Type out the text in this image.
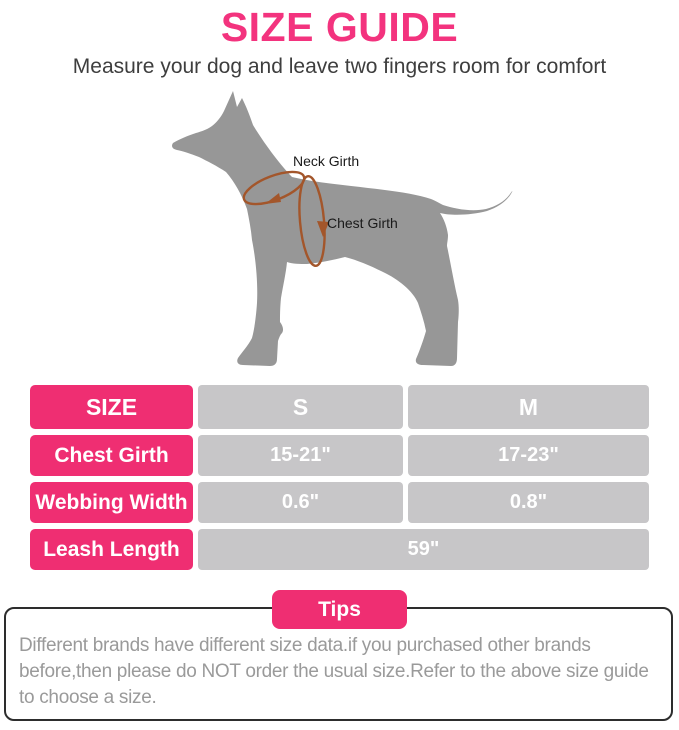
SIZE GUIDE
Measure your dog and leave two fingers room for comfort
Neck Girth
Chest Girth
SIZE	S	M
Chest Girth	15-21"	17-23"
Webbing Width	0.6"	0.8"
Leash Length	59"
Tips
Different brands have different size data.if you purchased other brands before,then please do NOT order the usual size.Refer to the above size guide to choose a size.
